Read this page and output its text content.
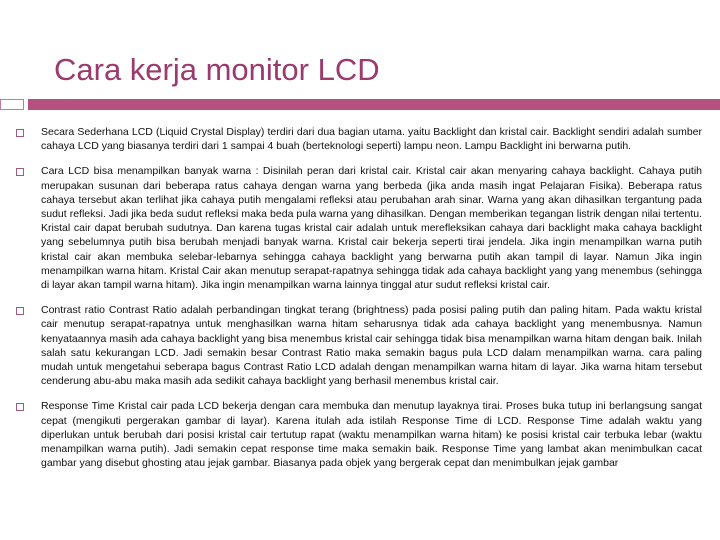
Cara kerja monitor LCD

Secara Sederhana LCD (Liquid Crystal Display) terdiri dari dua bagian utama. yaitu Backlight dan kristal cair. Backlight sendiri adalah sumber cahaya LCD yang biasanya terdiri dari 1 sampai 4 buah (berteknologi seperti) lampu neon. Lampu Backlight ini berwarna putih.

Cara LCD bisa menampilkan banyak warna : Disinilah peran dari kristal cair. Kristal cair akan menyaring cahaya backlight. Cahaya putih merupakan susunan dari beberapa ratus cahaya dengan warna yang berbeda (jika anda masih ingat Pelajaran Fisika). Beberapa ratus cahaya tersebut akan terlihat jika cahaya putih mengalami refleksi atau perubahan arah sinar. Warna yang akan dihasilkan tergantung pada sudut refleksi. Jadi jika beda sudut refleksi maka beda pula warna yang dihasilkan. Dengan memberikan tegangan listrik dengan nilai tertentu. Kristal cair dapat berubah sudutnya. Dan karena tugas kristal cair adalah untuk merefleksikan cahaya dari backlight maka cahaya backlight yang sebelumnya putih bisa berubah menjadi banyak warna. Kristal cair bekerja seperti tirai jendela. Jika ingin menampilkan warna putih kristal cair akan membuka selebar-lebarnya sehingga cahaya backlight yang berwarna putih akan tampil di layar. Namun Jika ingin menampilkan warna hitam. Kristal Cair akan menutup serapat-rapatnya sehingga tidak ada cahaya backlight yang yang menembus (sehingga di layar akan tampil warna hitam). Jika ingin menampilkan warna lainnya tinggal atur sudut refleksi kristal cair.

Contrast ratio Contrast Ratio adalah perbandingan tingkat terang (brightness) pada posisi paling putih dan paling hitam. Pada waktu kristal cair menutup serapat-rapatnya untuk menghasilkan warna hitam seharusnya tidak ada cahaya backlight yang menembusnya. Namun kenyataannya masih ada cahaya backlight yang bisa menembus kristal cair sehingga tidak bisa menampilkan warna hitam dengan baik. Inilah salah satu kekurangan LCD. Jadi semakin besar Contrast Ratio maka semakin bagus pula LCD dalam menampilkan warna. cara paling mudah untuk mengetahui seberapa bagus Contrast Ratio LCD adalah dengan menampilkan warna hitam di layar. Jika warna hitam tersebut cenderung abu-abu maka masih ada sedikit cahaya backlight yang berhasil menembus kristal cair.

Response Time Kristal cair pada LCD bekerja dengan cara membuka dan menutup layaknya tirai. Proses buka tutup ini berlangsung sangat cepat (mengikuti pergerakan gambar di layar). Karena itulah ada istilah Response Time di LCD. Response Time adalah waktu yang diperlukan untuk berubah dari posisi kristal cair tertutup rapat (waktu menampilkan warna hitam) ke posisi kristal cair terbuka lebar (waktu menampilkan warna putih). Jadi semakin cepat response time maka semakin baik. Response Time yang lambat akan menimbulkan cacat gambar yang disebut ghosting atau jejak gambar. Biasanya pada objek yang bergerak cepat dan menimbulkan jejak gambar
